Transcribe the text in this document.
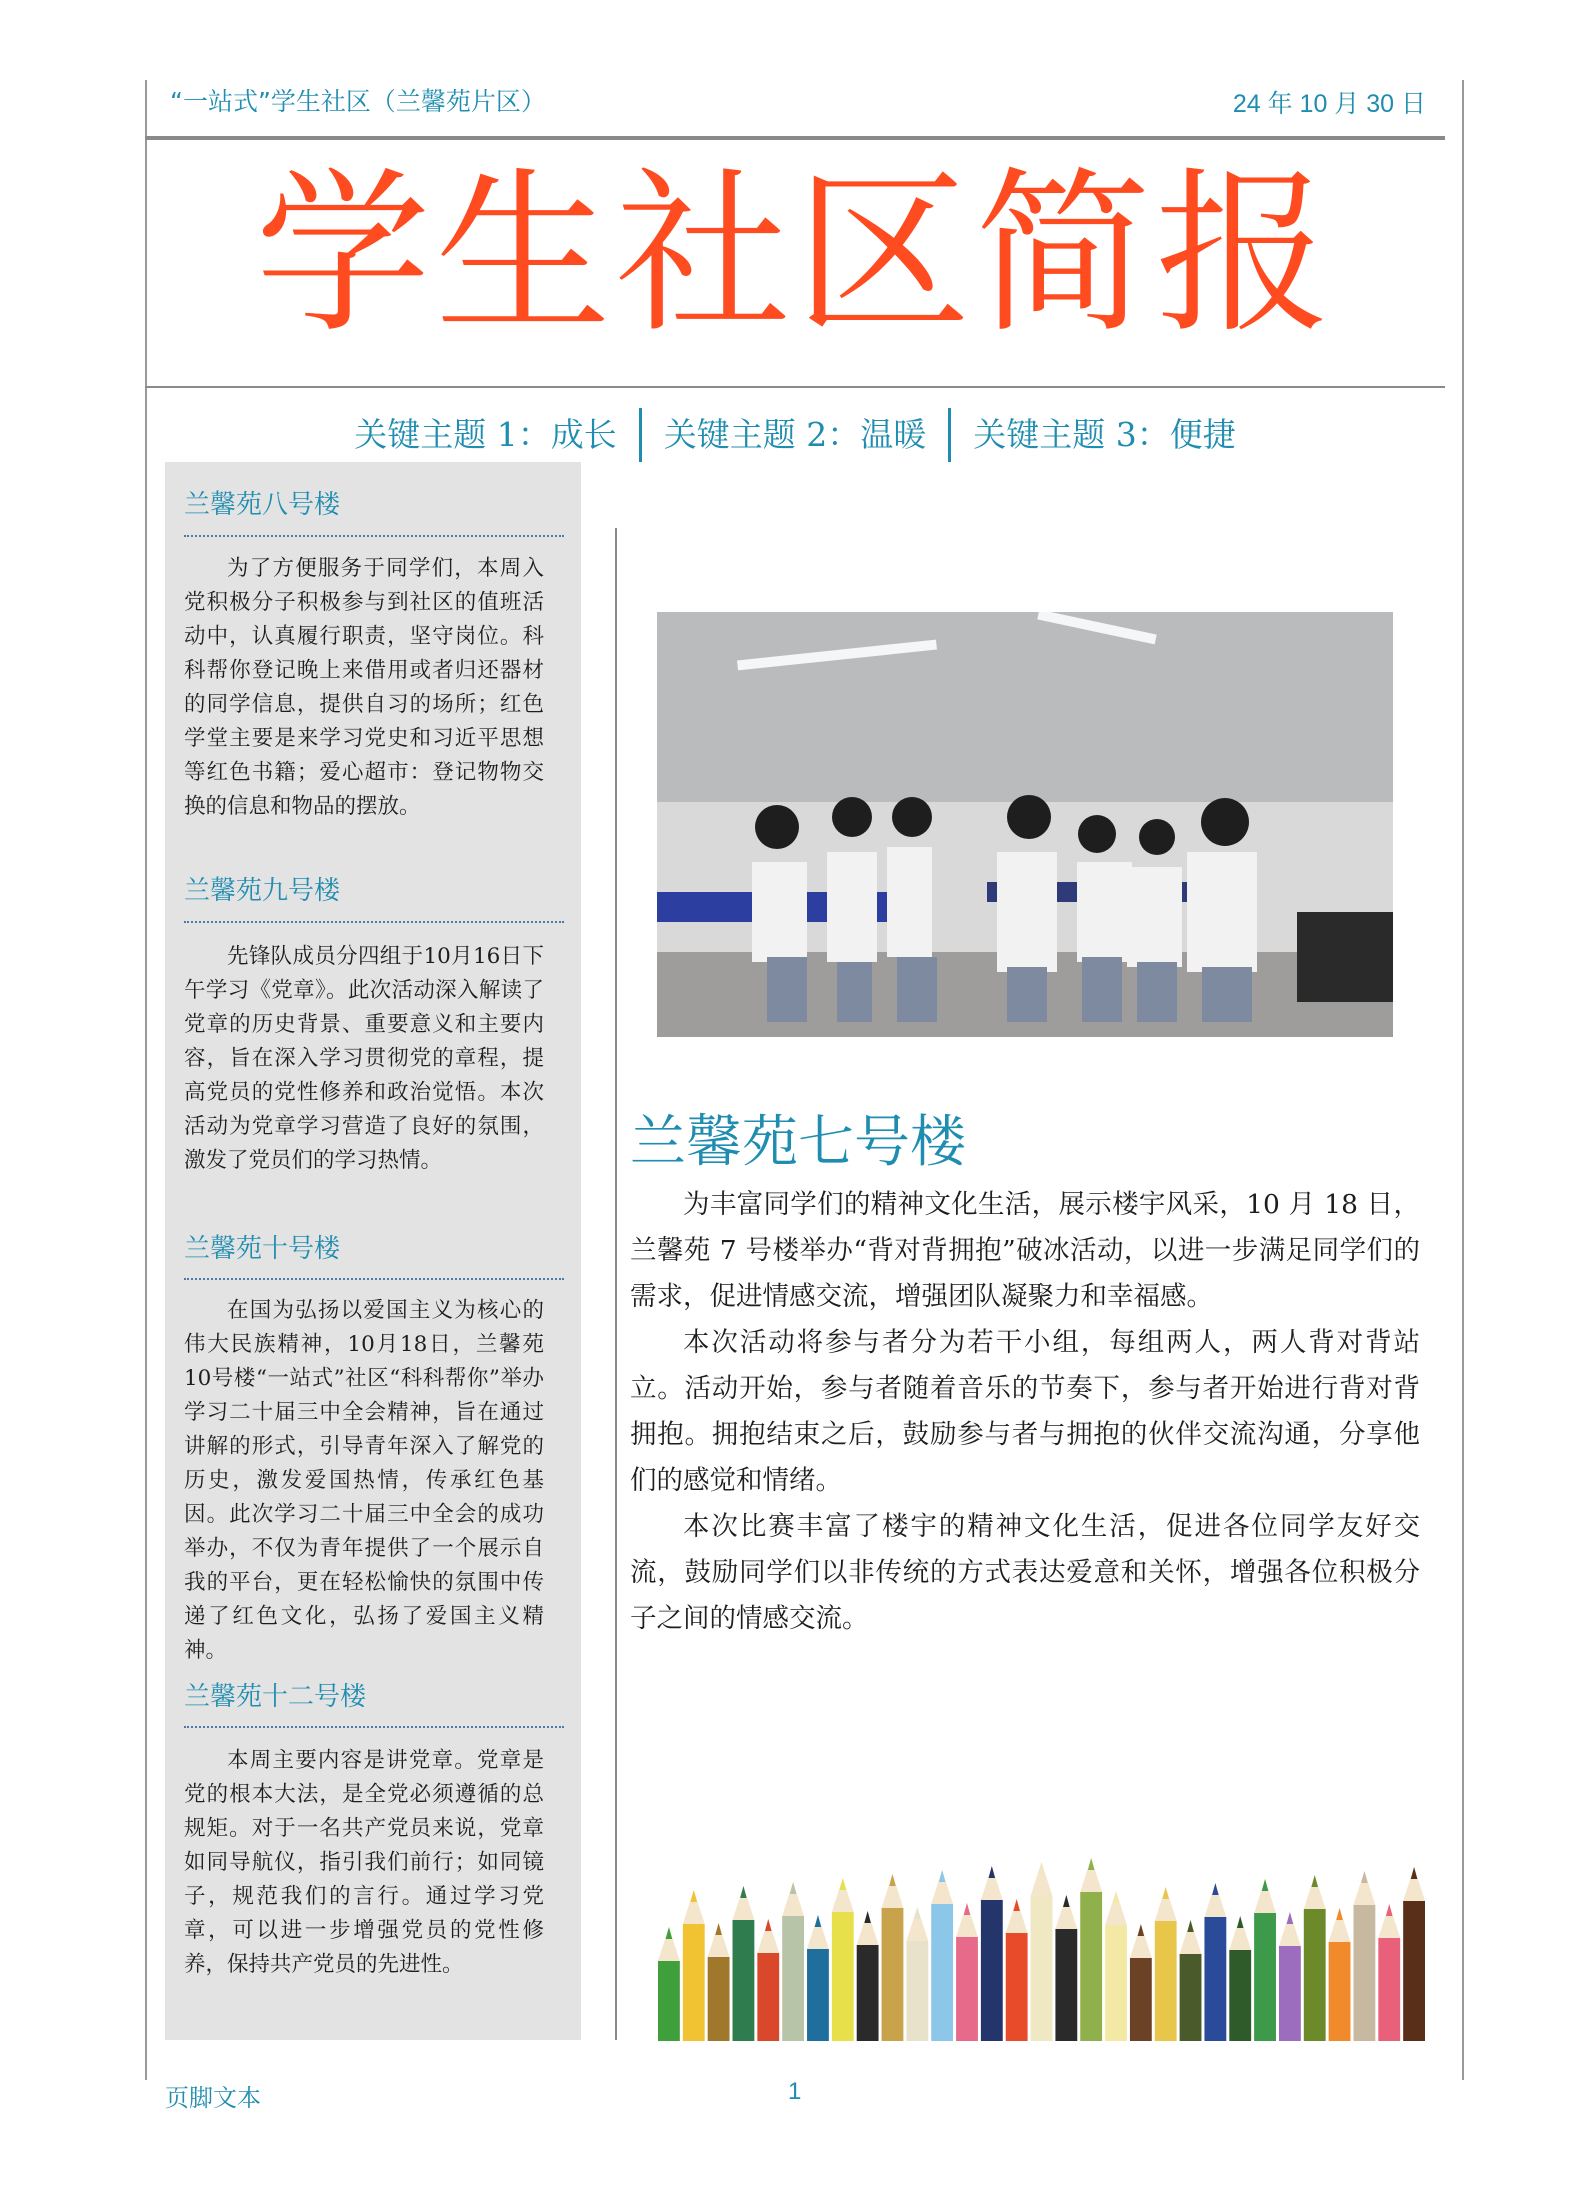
“一站式”学生社区（兰馨苑片区）	24 年 10 月 30 日
学生社区简报
关键主题 1：成长	关键主题 2：温暖	关键主题 3：便捷
兰馨苑八号楼

为了方便服务于同学们，本周入党积极分子积极参与到社区的值班活动中，认真履行职责，坚守岗位。科科帮你登记晚上来借用或者归还器材的同学信息，提供自习的场所；红色学堂主要是来学习党史和习近平思想等红色书籍；爱心超市：登记物物交换的信息和物品的摆放。

兰馨苑九号楼

先锋队成员分四组于10月16日下午学习《党章》。此次活动深入解读了党章的历史背景、重要意义和主要内容，旨在深入学习贯彻党的章程，提高党员的党性修养和政治觉悟。本次活动为党章学习营造了良好的氛围，激发了党员们的学习热情。

兰馨苑十号楼

在国为弘扬以爱国主义为核心的伟大民族精神，10月18日，兰馨苑10号楼“一站式”社区“科科帮你”举办学习二十届三中全会精神，旨在通过讲解的形式，引导青年深入了解党的历史，激发爱国热情，传承红色基因。此次学习二十届三中全会的成功举办，不仅为青年提供了一个展示自我的平台，更在轻松愉快的氛围中传递了红色文化，弘扬了爱国主义精神。

兰馨苑十二号楼

本周主要内容是讲党章。党章是党的根本大法，是全党必须遵循的总规矩。对于一名共产党员来说，党章如同导航仪，指引我们前行；如同镜子，规范我们的言行。通过学习党章，可以进一步增强党员的党性修养，保持共产党员的先进性。

兰馨苑七号楼

为丰富同学们的精神文化生活，展示楼宇风采，10 月 18 日，兰馨苑 7 号楼举办“背对背拥抱”破冰活动，以进一步满足同学们的需求，促进情感交流，增强团队凝聚力和幸福感。

本次活动将参与者分为若干小组，每组两人，两人背对背站立。活动开始，参与者随着音乐的节奏下，参与者开始进行背对背拥抱。拥抱结束之后，鼓励参与者与拥抱的伙伴交流沟通，分享他们的感觉和情绪。

本次比赛丰富了楼宇的精神文化生活，促进各位同学友好交流，鼓励同学们以非传统的方式表达爱意和关怀，增强各位积极分子之间的情感交流。

页脚文本	1
